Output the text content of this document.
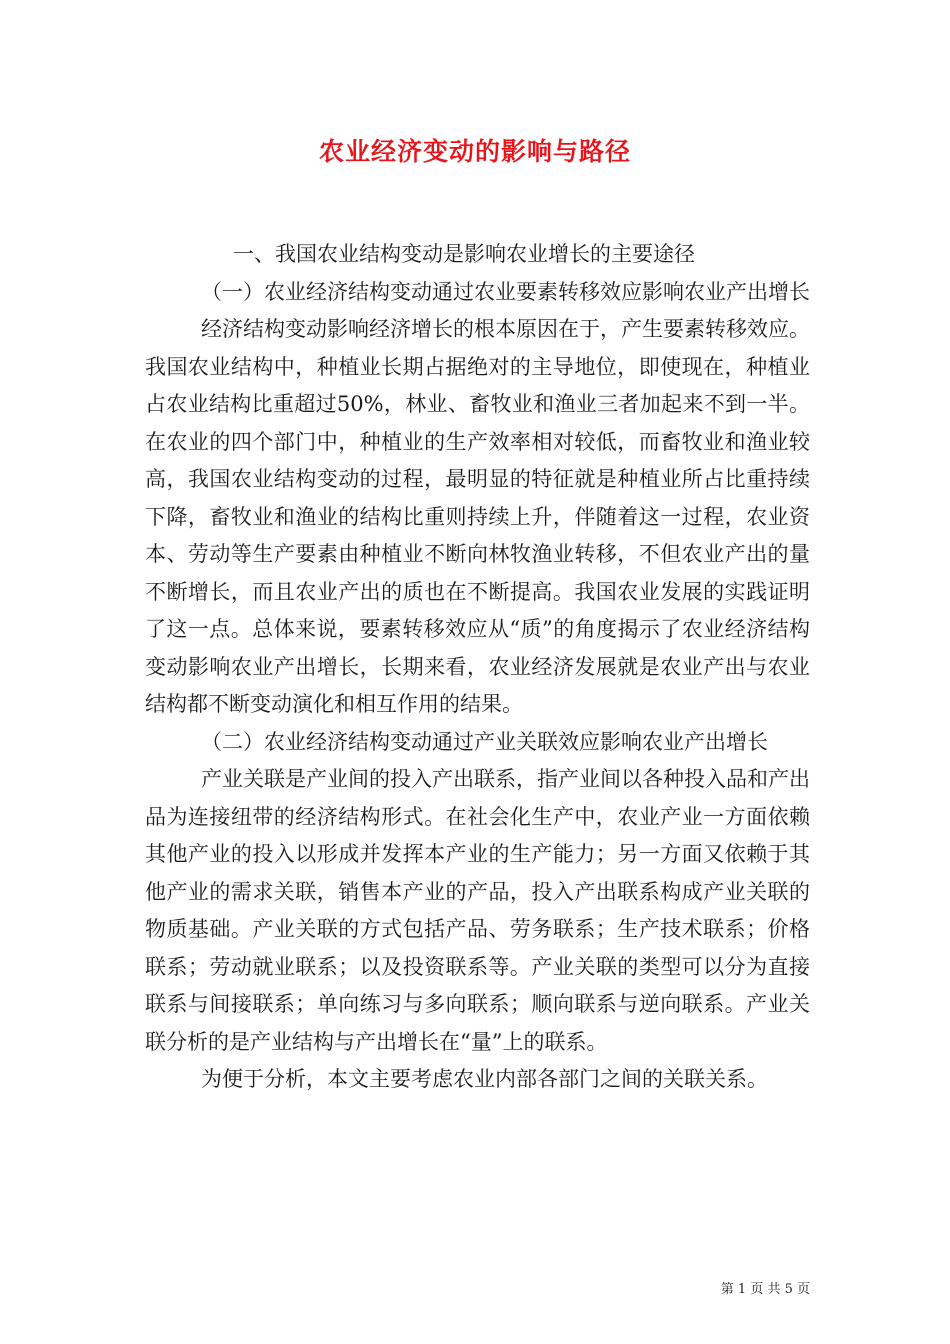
农业经济变动的影响与路径

一、我国农业结构变动是影响农业增长的主要途径

（一）农业经济结构变动通过农业要素转移效应影响农业产出增长

经济结构变动影响经济增长的根本原因在于，产生要素转移效应。我国农业结构中，种植业长期占据绝对的主导地位，即使现在，种植业占农业结构比重超过50%，林业、畜牧业和渔业三者加起来不到一半。在农业的四个部门中，种植业的生产效率相对较低，而畜牧业和渔业较高，我国农业结构变动的过程，最明显的特征就是种植业所占比重持续下降，畜牧业和渔业的结构比重则持续上升，伴随着这一过程，农业资本、劳动等生产要素由种植业不断向林牧渔业转移，不但农业产出的量不断增长，而且农业产出的质也在不断提高。我国农业发展的实践证明了这一点。总体来说，要素转移效应从“质”的角度揭示了农业经济结构变动影响农业产出增长，长期来看，农业经济发展就是农业产出与农业结构都不断变动演化和相互作用的结果。

（二）农业经济结构变动通过产业关联效应影响农业产出增长

产业关联是产业间的投入产出联系，指产业间以各种投入品和产出品为连接纽带的经济结构形式。在社会化生产中，农业产业一方面依赖其他产业的投入以形成并发挥本产业的生产能力；另一方面又依赖于其他产业的需求关联，销售本产业的产品，投入产出联系构成产业关联的物质基础。产业关联的方式包括产品、劳务联系；生产技术联系；价格联系；劳动就业联系；以及投资联系等。产业关联的类型可以分为直接联系与间接联系；单向练习与多向联系；顺向联系与逆向联系。产业关联分析的是产业结构与产出增长在“量”上的联系。

为便于分析，本文主要考虑农业内部各部门之间的关联关系。

第 1 页 共 5 页
